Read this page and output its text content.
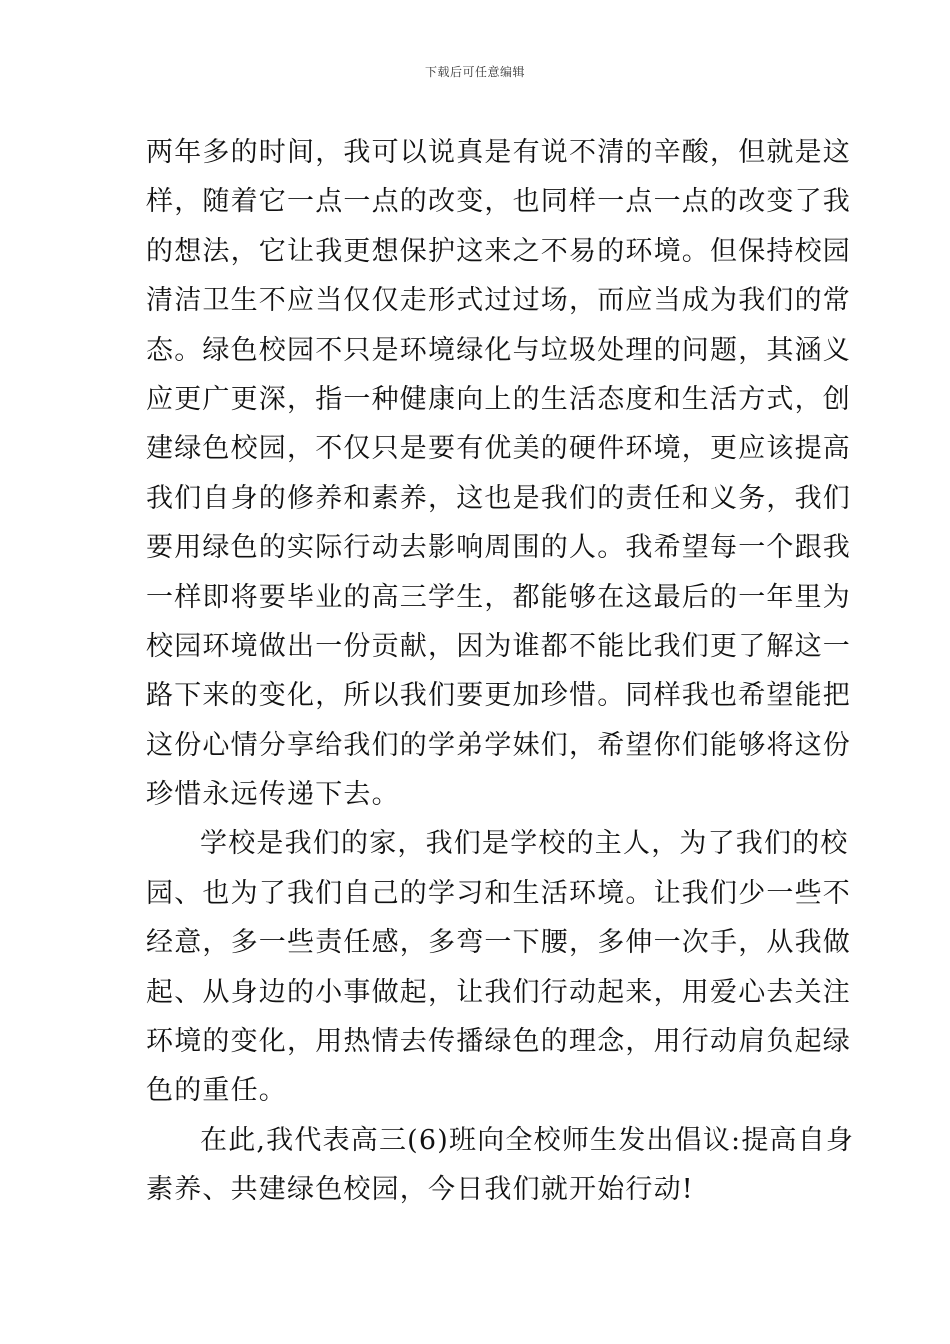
下载后可任意编辑
两年多的时间，我可以说真是有说不清的辛酸，但就是这
样，随着它一点一点的改变，也同样一点一点的改变了我
的想法，它让我更想保护这来之不易的环境。但保持校园
清洁卫生不应当仅仅走形式过过场，而应当成为我们的常
态。绿色校园不只是环境绿化与垃圾处理的问题，其涵义
应更广更深，指一种健康向上的生活态度和生活方式，创
建绿色校园，不仅只是要有优美的硬件环境，更应该提高
我们自身的修养和素养，这也是我们的责任和义务，我们
要用绿色的实际行动去影响周围的人。我希望每一个跟我
一样即将要毕业的高三学生，都能够在这最后的一年里为
校园环境做出一份贡献，因为谁都不能比我们更了解这一
路下来的变化，所以我们要更加珍惜。同样我也希望能把
这份心情分享给我们的学弟学妹们，希望你们能够将这份
珍惜永远传递下去。
学校是我们的家，我们是学校的主人，为了我们的校
园、也为了我们自己的学习和生活环境。让我们少一些不
经意，多一些责任感，多弯一下腰，多伸一次手，从我做
起、从身边的小事做起，让我们行动起来，用爱心去关注
环境的变化，用热情去传播绿色的理念，用行动肩负起绿
色的重任。
在此,我代表高三(6)班向全校师生发出倡议:提高自身
素养、共建绿色校园，今日我们就开始行动!
